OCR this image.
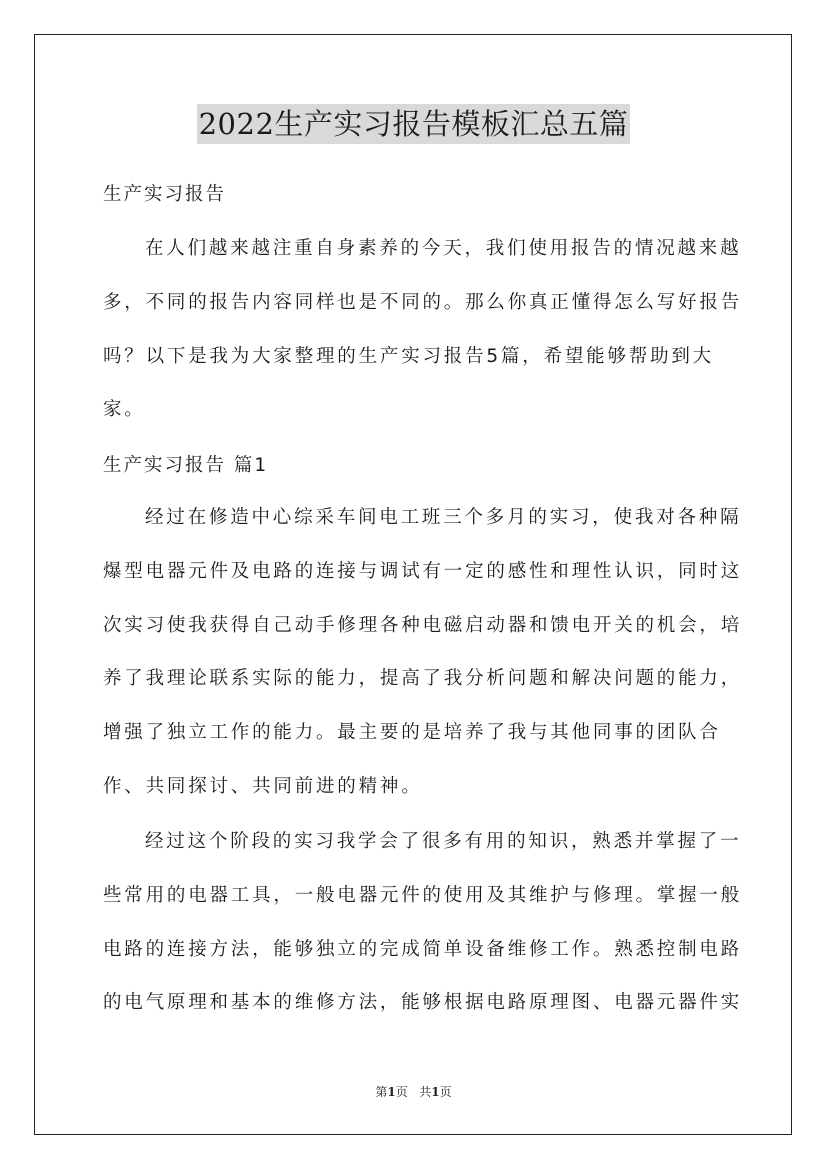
2022生产实习报告模板汇总五篇

生产实习报告

在人们越来越注重自身素养的今天，我们使用报告的情况越来越多，不同的报告内容同样也是不同的。那么你真正懂得怎么写好报告吗？以下是我为大家整理的生产实习报告5篇，希望能够帮助到大家。

生产实习报告 篇1

经过在修造中心综采车间电工班三个多月的实习，使我对各种隔爆型电器元件及电路的连接与调试有一定的感性和理性认识，同时这次实习使我获得自己动手修理各种电磁启动器和馈电开关的机会，培养了我理论联系实际的能力，提高了我分析问题和解决问题的能力，增强了独立工作的能力。最主要的是培养了我与其他同事的团队合作、共同探讨、共同前进的精神。

经过这个阶段的实习我学会了很多有用的知识，熟悉并掌握了一些常用的电器工具，一般电器元件的使用及其维护与修理。掌握一般电路的连接方法，能够独立的完成简单设备维修工作。熟悉控制电路的电气原理和基本的维修方法，能够根据电路原理图、电器元器件实

第1页 共1页
